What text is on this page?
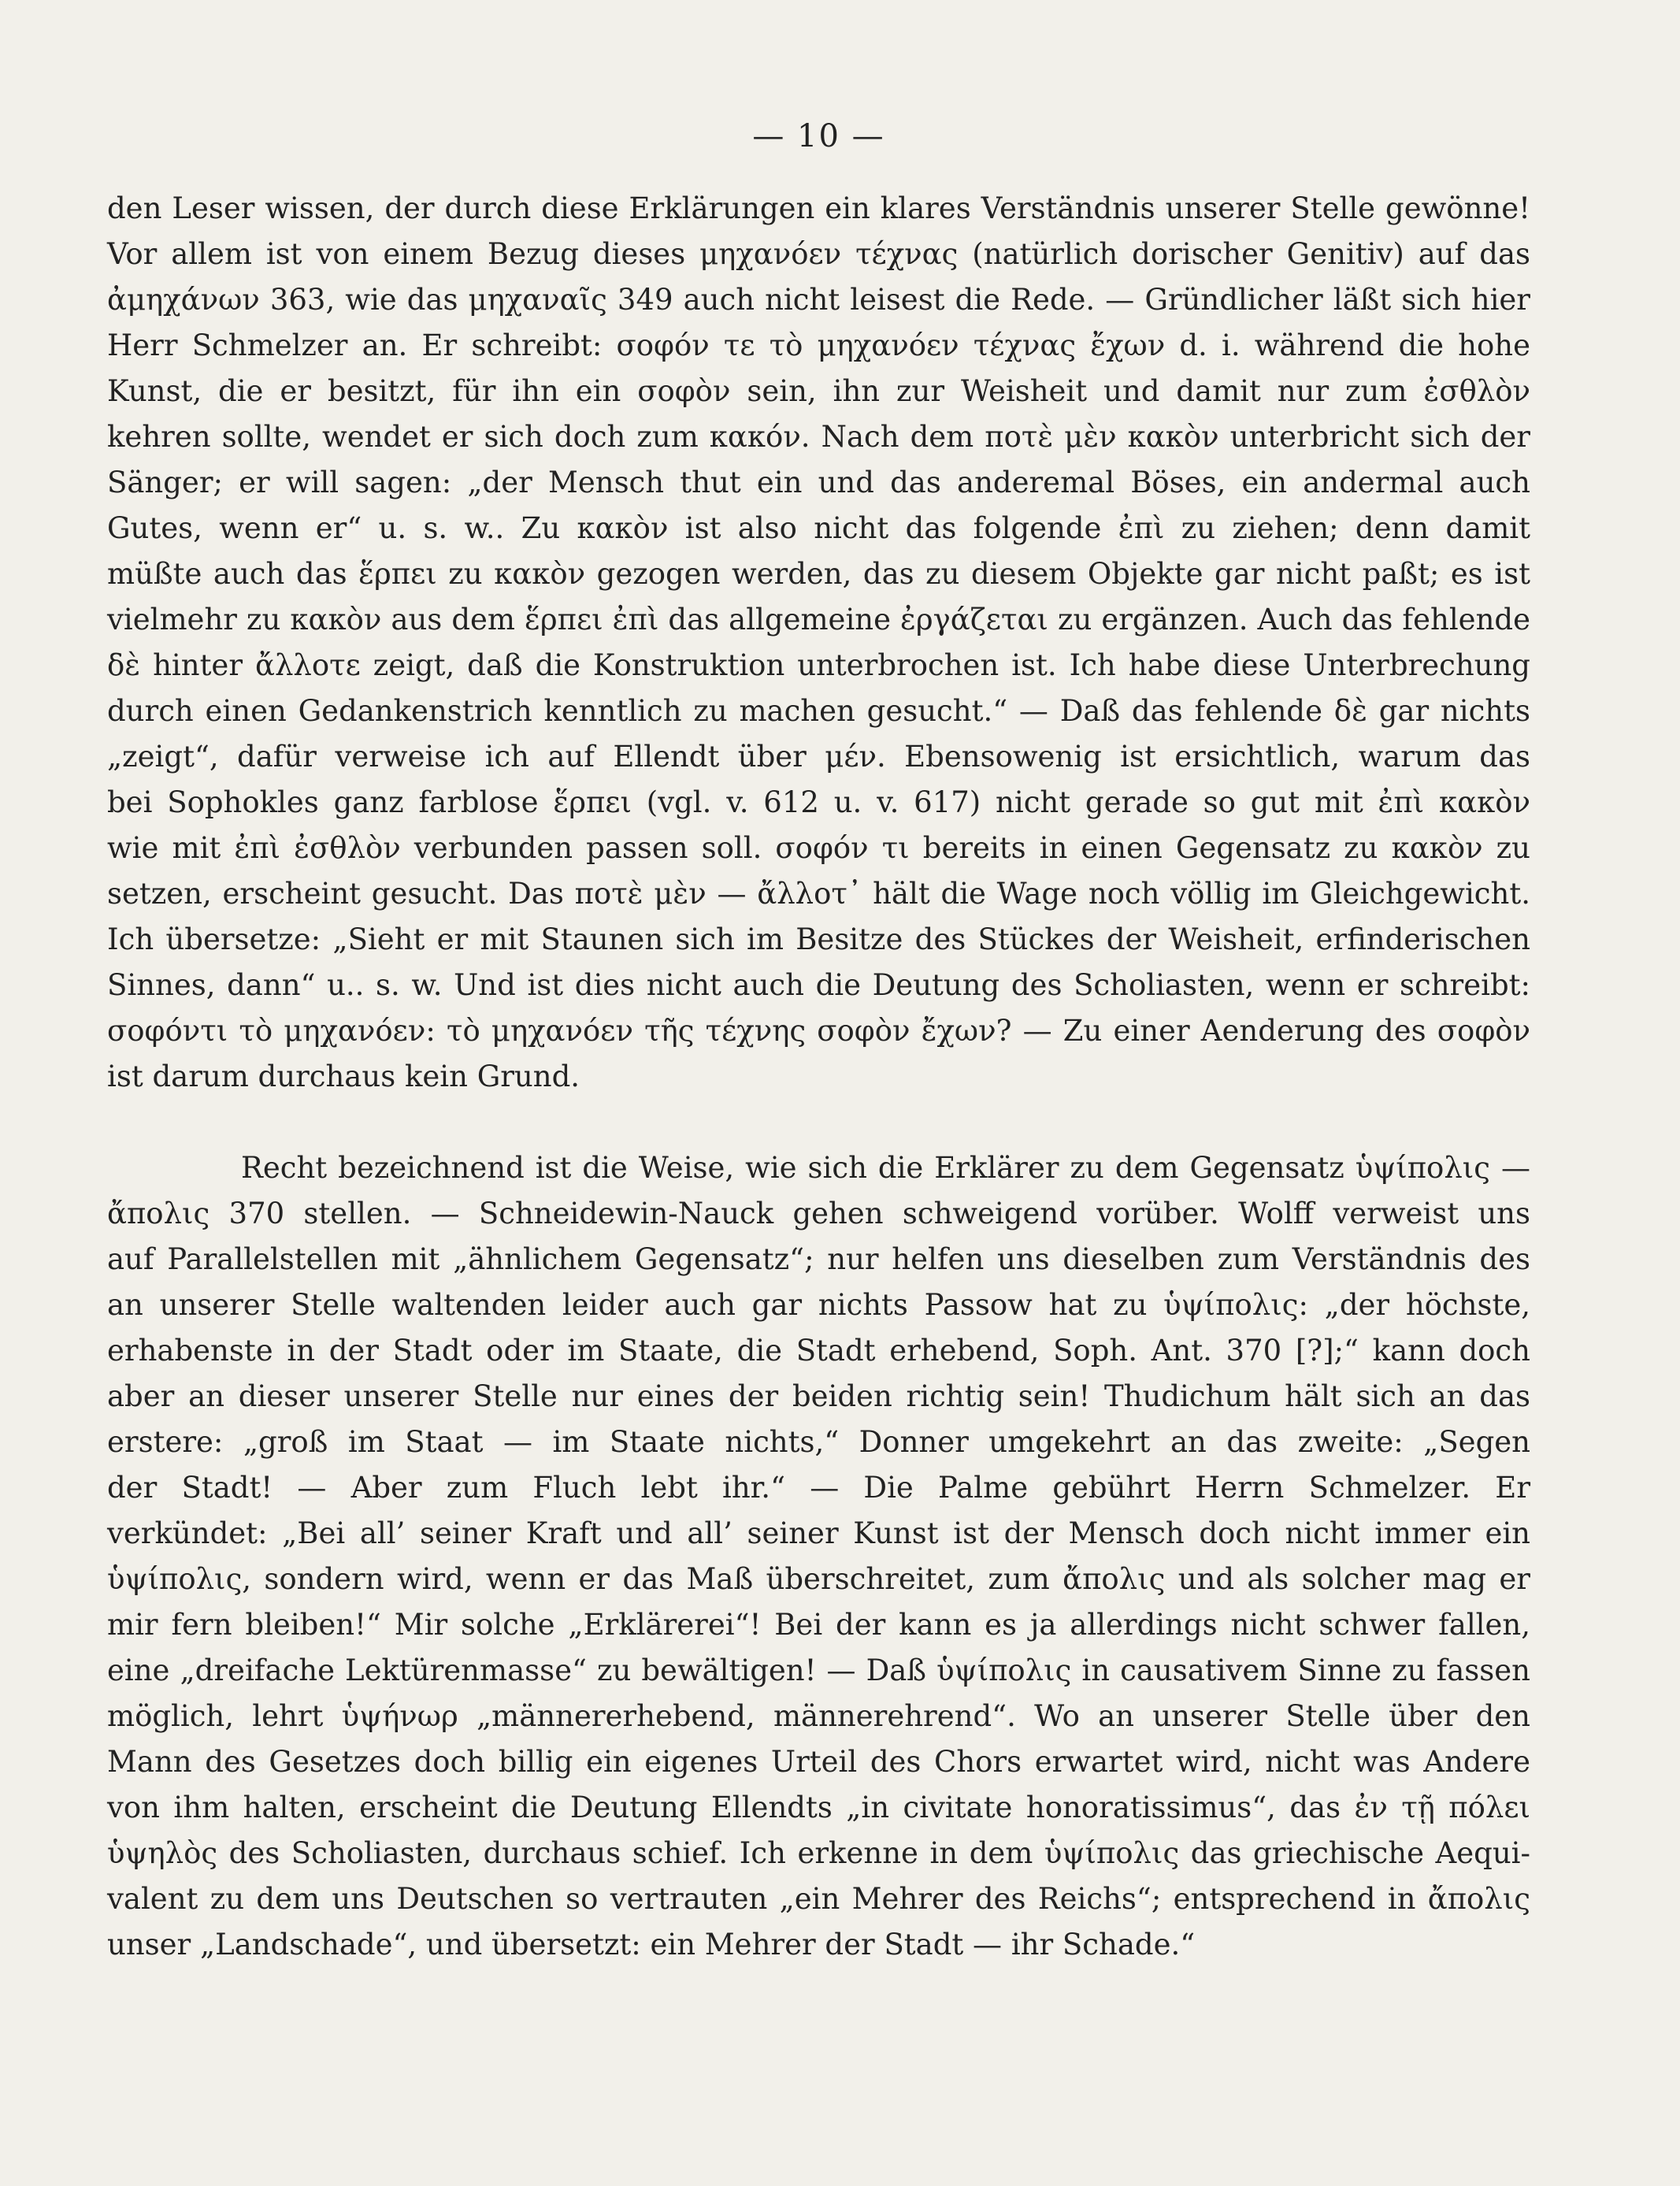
— 10 —
den Leser wissen, der durch diese Erklärungen ein klares Verständnis unserer Stelle gewönne!
Vor allem ist von einem Bezug dieses μηχανόεν τέχνας (natürlich dorischer Genitiv) auf das
ἀμηχάνων 363, wie das μηχαναῖς 349 auch nicht leisest die Rede. — Gründlicher läßt sich hier
Herr Schmelzer an. Er schreibt: σοφόν τε τὸ μηχανόεν τέχνας ἔχων d. i. während die hohe
Kunst, die er besitzt, für ihn ein σοφὸν sein, ihn zur Weisheit und damit nur zum ἐσθλὸν
kehren sollte, wendet er sich doch zum κακόν. Nach dem ποτὲ μὲν κακὸν unterbricht sich der
Sänger; er will sagen: „der Mensch thut ein und das anderemal Böses, ein andermal auch
Gutes, wenn er“ u. s. w.. Zu κακὸν ist also nicht das folgende ἐπὶ zu ziehen; denn damit
müßte auch das ἕρπει zu κακὸν gezogen werden, das zu diesem Objekte gar nicht paßt; es ist
vielmehr zu κακὸν aus dem ἕρπει ἐπὶ das allgemeine ἐργάζεται zu ergänzen. Auch das fehlende
δὲ hinter ἄλλοτε zeigt, daß die Konstruktion unterbrochen ist. Ich habe diese Unterbrechung
durch einen Gedankenstrich kenntlich zu machen gesucht.“ — Daß das fehlende δὲ gar nichts
„zeigt“, dafür verweise ich auf Ellendt über μέν. Ebensowenig ist ersichtlich, warum das
bei Sophokles ganz farblose ἕρπει (vgl. v. 612 u. v. 617) nicht gerade so gut mit ἐπὶ κακὸν
wie mit ἐπὶ ἐσθλὸν verbunden passen soll. σοφόν τι bereits in einen Gegensatz zu κακὸν zu
setzen, erscheint gesucht. Das ποτὲ μὲν — ἄλλοτ᾽ hält die Wage noch völlig im Gleichgewicht.
Ich übersetze: „Sieht er mit Staunen sich im Besitze des Stückes der Weisheit, erfinderischen
Sinnes, dann“ u.. s. w. Und ist dies nicht auch die Deutung des Scholiasten, wenn er schreibt:
σοφόντι τὸ μηχανόεν: τὸ μηχανόεν τῆς τέχνης σοφὸν ἔχων? — Zu einer Aenderung des σοφὸν
ist darum durchaus kein Grund.
Recht bezeichnend ist die Weise, wie sich die Erklärer zu dem Gegensatz ὑψίπολις —
ἄπολις 370 stellen. — Schneidewin-Nauck gehen schweigend vorüber. Wolff verweist uns
auf Parallelstellen mit „ähnlichem Gegensatz“; nur helfen uns dieselben zum Verständnis des
an unserer Stelle waltenden leider auch gar nichts Passow hat zu ὑψίπολις: „der höchste,
erhabenste in der Stadt oder im Staate, die Stadt erhebend, Soph. Ant. 370 [?];“ kann doch
aber an dieser unserer Stelle nur eines der beiden richtig sein! Thudichum hält sich an das
erstere: „groß im Staat — im Staate nichts,“ Donner umgekehrt an das zweite: „Segen
der Stadt! — Aber zum Fluch lebt ihr.“ — Die Palme gebührt Herrn Schmelzer. Er
verkündet: „Bei all’ seiner Kraft und all’ seiner Kunst ist der Mensch doch nicht immer ein
ὑψίπολις, sondern wird, wenn er das Maß überschreitet, zum ἄπολις und als solcher mag er
mir fern bleiben!“ Mir solche „Erklärerei“! Bei der kann es ja allerdings nicht schwer fallen,
eine „dreifache Lektürenmasse“ zu bewältigen! — Daß ὑψίπολις in causativem Sinne zu fassen
möglich, lehrt ὑψήνωρ „männererhebend, männerehrend“. Wo an unserer Stelle über den
Mann des Gesetzes doch billig ein eigenes Urteil des Chors erwartet wird, nicht was Andere
von ihm halten, erscheint die Deutung Ellendts „in civitate honoratissimus“, das ἐν τῇ πόλει
ὑψηλὸς des Scholiasten, durchaus schief. Ich erkenne in dem ὑψίπολις das griechische Aequi-
valent zu dem uns Deutschen so vertrauten „ein Mehrer des Reichs“; entsprechend in ἄπολις
unser „Landschade“, und übersetzt: ein Mehrer der Stadt — ihr Schade.“
